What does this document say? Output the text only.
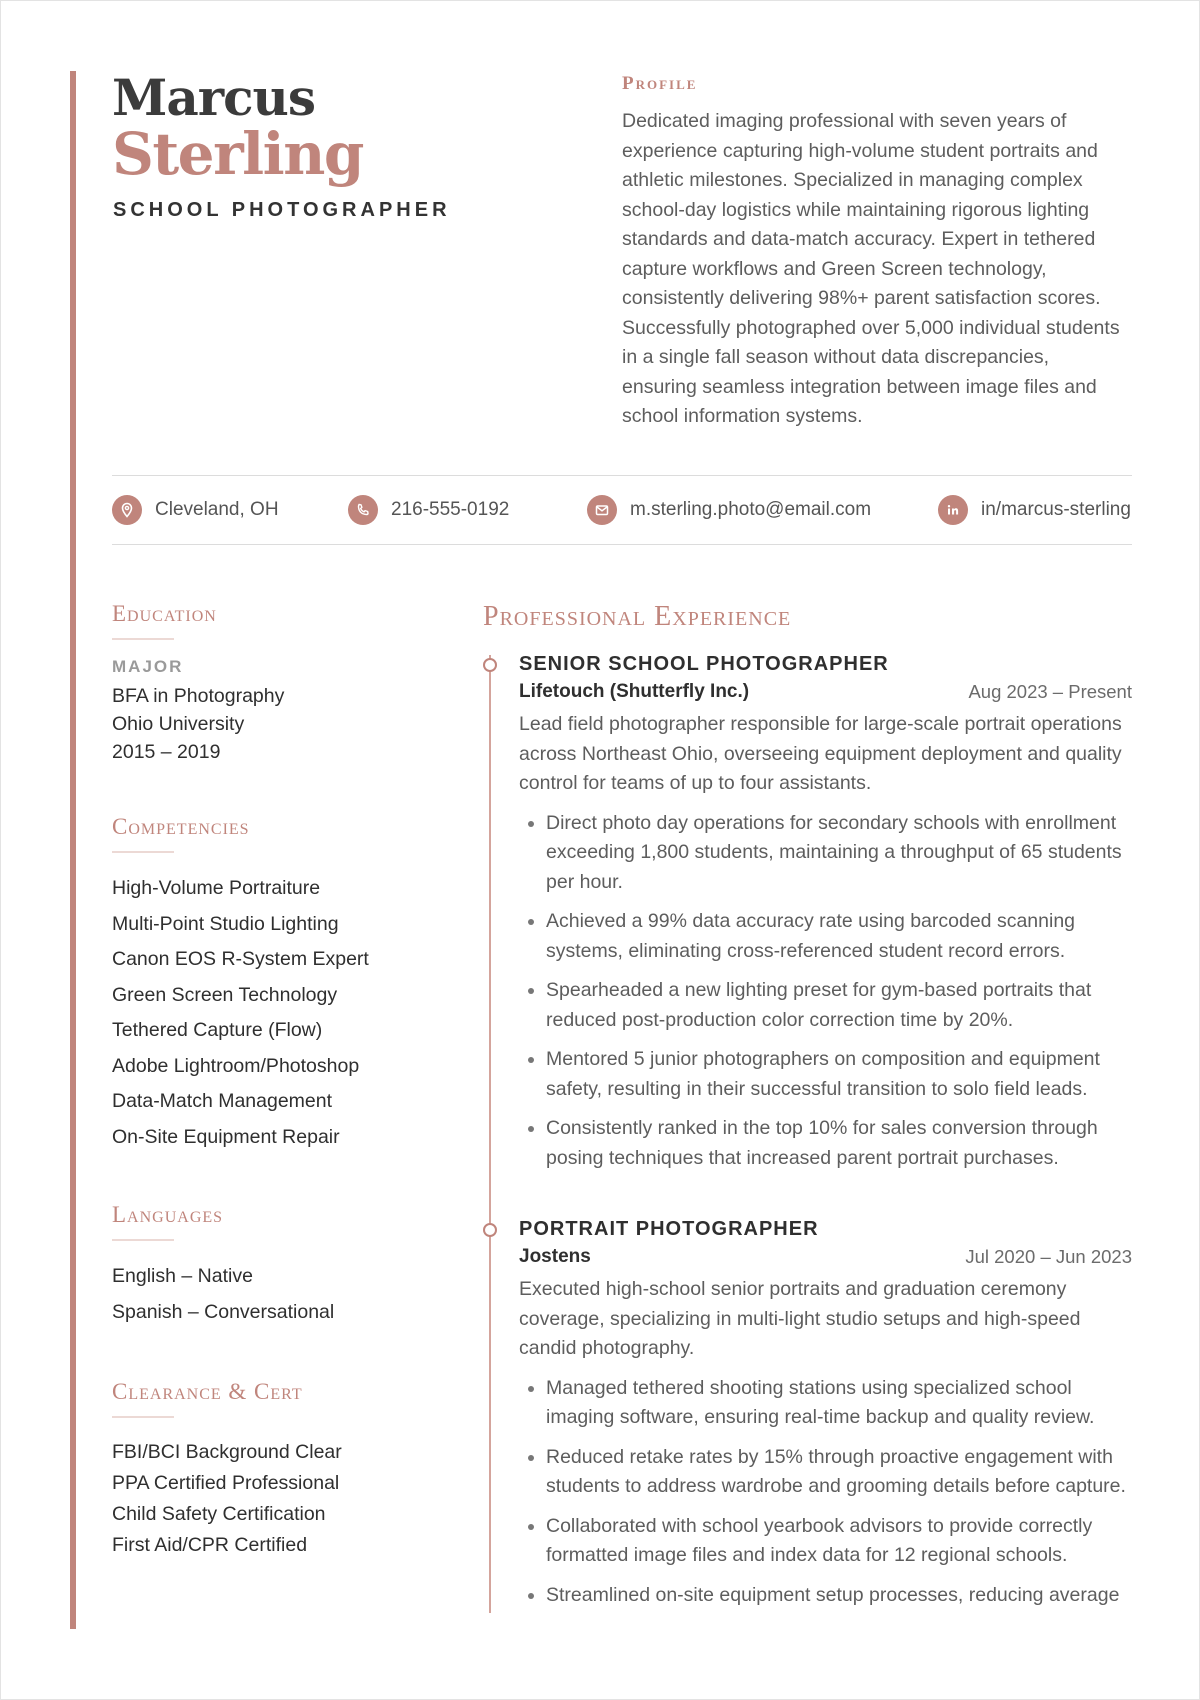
Marcus
Sterling
SCHOOL PHOTOGRAPHER
Profile
Dedicated imaging professional with seven years of experience capturing high-volume student portraits and athletic milestones. Specialized in managing complex school-day logistics while maintaining rigorous lighting standards and data-match accuracy. Expert in tethered capture workflows and Green Screen technology, consistently delivering 98%+ parent satisfaction scores. Successfully photographed over 5,000 individual students in a single fall season without data discrepancies, ensuring seamless integration between image files and school information systems.
Cleveland, OH	216-555-0192	m.sterling.photo@email.com	in/marcus-sterling
Education
MAJOR
BFA in Photography
Ohio University
2015 – 2019
Competencies
High-Volume Portraiture
Multi-Point Studio Lighting
Canon EOS R-System Expert
Green Screen Technology
Tethered Capture (Flow)
Adobe Lightroom/Photoshop
Data-Match Management
On-Site Equipment Repair
Languages
English – Native
Spanish – Conversational
Clearance & Cert
FBI/BCI Background Clear
PPA Certified Professional
Child Safety Certification
First Aid/CPR Certified
Professional Experience
SENIOR SCHOOL PHOTOGRAPHER
Lifetouch (Shutterfly Inc.)	Aug 2023 – Present
Lead field photographer responsible for large-scale portrait operations across Northeast Ohio, overseeing equipment deployment and quality control for teams of up to four assistants.
• Direct photo day operations for secondary schools with enrollment exceeding 1,800 students, maintaining a throughput of 65 students per hour.
• Achieved a 99% data accuracy rate using barcoded scanning systems, eliminating cross-referenced student record errors.
• Spearheaded a new lighting preset for gym-based portraits that reduced post-production color correction time by 20%.
• Mentored 5 junior photographers on composition and equipment safety, resulting in their successful transition to solo field leads.
• Consistently ranked in the top 10% for sales conversion through posing techniques that increased parent portrait purchases.
PORTRAIT PHOTOGRAPHER
Jostens	Jul 2020 – Jun 2023
Executed high-school senior portraits and graduation ceremony coverage, specializing in multi-light studio setups and high-speed candid photography.
• Managed tethered shooting stations using specialized school imaging software, ensuring real-time backup and quality review.
• Reduced retake rates by 15% through proactive engagement with students to address wardrobe and grooming details before capture.
• Collaborated with school yearbook advisors to provide correctly formatted image files and index data for 12 regional schools.
• Streamlined on-site equipment setup processes, reducing average
